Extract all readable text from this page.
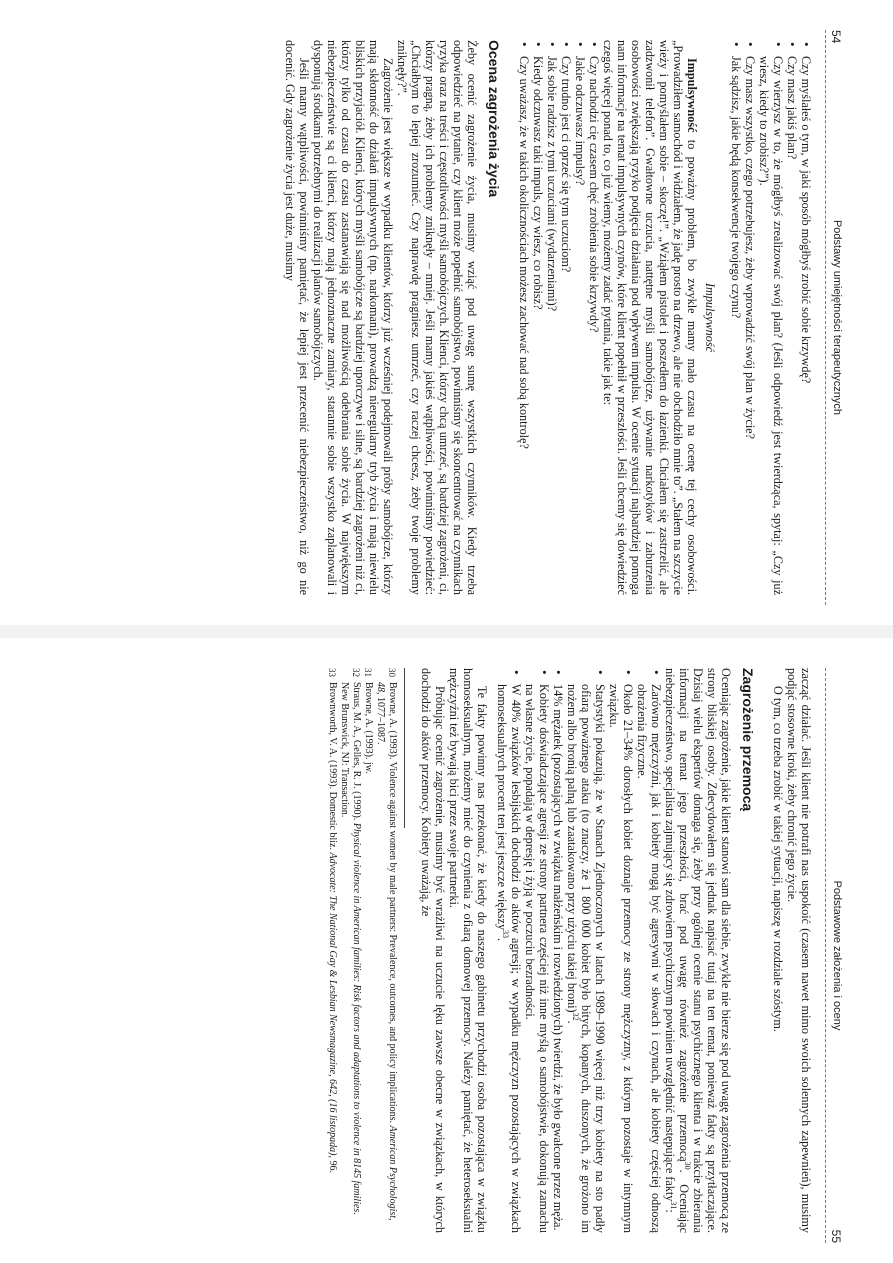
54
Podstawy umiejętności terapeutycznych
• Czy myślałeś o tym, w jaki sposób mógłbyś zrobić sobie krzywdę?
• Czy masz jakiś plan?
• Czy wierzysz w to, że mógłbyś zrealizować swój plan? (Jeśli odpowiedź jest twierdząca, spytaj: „Czy już wiesz, kiedy to zrobisz?”).
• Czy masz wszystko, czego potrzebujesz, żeby wprowadzić swój plan w życie?
• Jak sądzisz, jakie będą konsekwencje twojego czynu?

Impulsywność

Impulsywność to poważny problem, bo zwykle mamy mało czasu na ocenę tej cechy osobowości. „Prowadziłem samochód i widziałem, że jadę prosto na drzewo, ale nie obchodziło mnie to”. „Stałem na szczycie wieży i pomyślałem sobie – skoczę!”. „Wziąłem pistolet i poszedłem do łazienki. Chciałem się zastrzelić, ale zadzwonił telefon”. Gwałtowne uczucia, nattętne myśli samobójcze, używanie narkotyków i zaburzenia osobowości zwiększają ryzyko podjęcia działania pod wpływem impulsu. W ocenie sytuacji najbardziej pomoga nam informacje na temat impulsywnych czynów, które klient popełnił w przeszłości. Jeśli chcemy się dowiedzieć czegoś więcej ponad to, co już wiemy, możemy zadać pytania, takie jak te:

• Czy nachodzi cię czasem chęć zrobienia sobie krzywdy?
• Jakie odczuwasz impulsy?
• Czy trudno jest ci oprzeć się tym uczuciom?
• Jak sobie radzisz z tymi uczuciami (wydarzeniami)?
• Kiedy odczuwasz taki impuls, czy wiesz, co robisz?
• Czy uważasz, że w takich okolicznościach możesz zachować nad sobą kontrolę?
Ocena zagrożenia życia

Żeby ocenić zagrożenie życia, musimy wziąć pod uwagę sumę wszystkich czynników. Kiedy trzeba odpowiedzieć na pytanie, czy klient może popełnić samobójstwo, powinniśmy się skoncentrować na czynnikach ryzyka oraz na treści i częstotliwości myśli samobójczych. Klienci, którzy chcą umrzeć, są bardziej zagrożeni, ci, którzy pragną, żeby ich problemy zniknęły – mniej. Jeśli mamy jakieś wątpliwości, powinniśmy powiedzieć: „Chciałbym to lepiej zrozumieć. Czy naprawdę pragniesz umrzeć, czy raczej chcesz, żeby twoje problemy zniknęły?”.

Zagrożenie jest większe w wypadku klientów, którzy już wcześniej podejmowali próby samobójcze, którzy mają skłonność do działań impulsywnych (np. narkomani), prowadzą nieregularny tryb życia i mają niewielu bliskich przyjaciół. Klienci, których myśli samobójcze są bardziej uporczywe i silne, są bardziej zagrożeni niż ci, którzy tylko od czasu do czasu zastanawiają się nad możliwością odebrania sobie życia. W największym niebezpieczeństwie są ci klienci, którzy mają jednoznaczne zamiary, starannie sobie wszystko zaplanowali i dysponują środkami potrzebnymi do realizacji planów samobójczych.

Jeśli mamy wątpliwości, powinniśmy pamiętać, że lepiej jest przecenić niebezpieczeństwo, niż go nie docenić. Gdy zagrożenie życia jest duże, musimy

Podstawowe założenia i oceny
55

zacząć działać. Jeśli klient nie potrafi nas uspokoić (czasem nawet mimo swoich solennych zapewnień), musimy podjąć stosowne kroki, żeby chronić jego życie.

O tym, co trzeba zrobić w takiej sytuacji, napiszę w rozdziale szóstym.

Zagrożenie przemocą

Oceniając zagrożenie, jakie klient stanowi sam dla siebie, zwykle nie bierze się pod uwagę zagrożenia przemocą ze strony bliskiej osoby. Zdecydowałem się jednak napisać tutaj na ten temat, ponieważ fakty są przytłaczające. Dzisiaj wielu ekspertów domaga się, żeby przy ogólnej ocenie stanu psychicznego klienta i w trakcie zbierania informacji na temat jego przeszłości, brać pod uwagę również zagrożenie przemocą$^{30}$. Oceniając niebezpieczeństwo, specjalista zajmujący się zdrowiem psychicznym powinien uwzględnić następujące fakty$^{31}$:

• Zarówno mężczyźni, jak i kobiety mogą być agresywni w słowach i czynach, ale kobiety częściej odnoszą obrażenia fizyczne.
• Około 21–34% dorosłych kobiet doznaje przemocy ze strony mężczyzny, z którym pozostaje w intymnym związku.
• Statystyki pokazują, że w Stanach Zjednoczonych w latach 1989–1990 więcej niż trzy kobiety na sto padły ofiarą poważnego ataku (to znaczy, że 1 800 000 kobiet było bitych, kopanych, duszonych, że grożono im nożem albo bronią palną lub zaatakowano przy użyciu takiej broni)$^{32}$.
• 14% mężatek (pozostających w związku małżeńskim i rozwiedzionych) twierdzi, że było gwałcone przez męża.
• Kobiety doświadczające agresji ze strony partnera częściej niż inne myślą o samobójstwie, dokonują zamachu na własne życie, popadają w depresję i żyją w poczuciu bezradności.
• W 40% związków lesbijskich dochodzi do aktów agresji; w wypadku mężczyzn pozostających w związkach homoseksualnych procent ten jest jeszcze większy$^{33}$.

Te fakty powinny nas przekonać, że kiedy do naszego gabinetu przychodzi osoba pozostająca w związku homoseksualnym, możemy mieć do czynienia z ofiarą domowej przemocy. Należy pamiętać, że heteroseksualni mężczyźni też bywają bici przez swoje partnerki.

Próbując ocenić zagrożenie, musimy być wrażliwi na uczucie lęku zawsze obecne w związkach, w których dochodzi do aktów przemocy. Kobiety uważają, że

30
Browne, A. (1993). Violence against women by male partners: Prevalence, outcomes, and policy implications. American Psychologist, 48, 1077–1087.
31
Browne, A. (1993). jw.
32
Straus, M. A., Gelles, R. J. (1990). Physical violence in American families: Risk factors and adaptations to violence in 8145 families. New Brunswick, NJ: Transaction.
33
Brownworth, V. A. (1993). Domestic bliz. Advocate: The National Gay & Lesbian Newsmagazine, 642, (16 listopada), 96.
